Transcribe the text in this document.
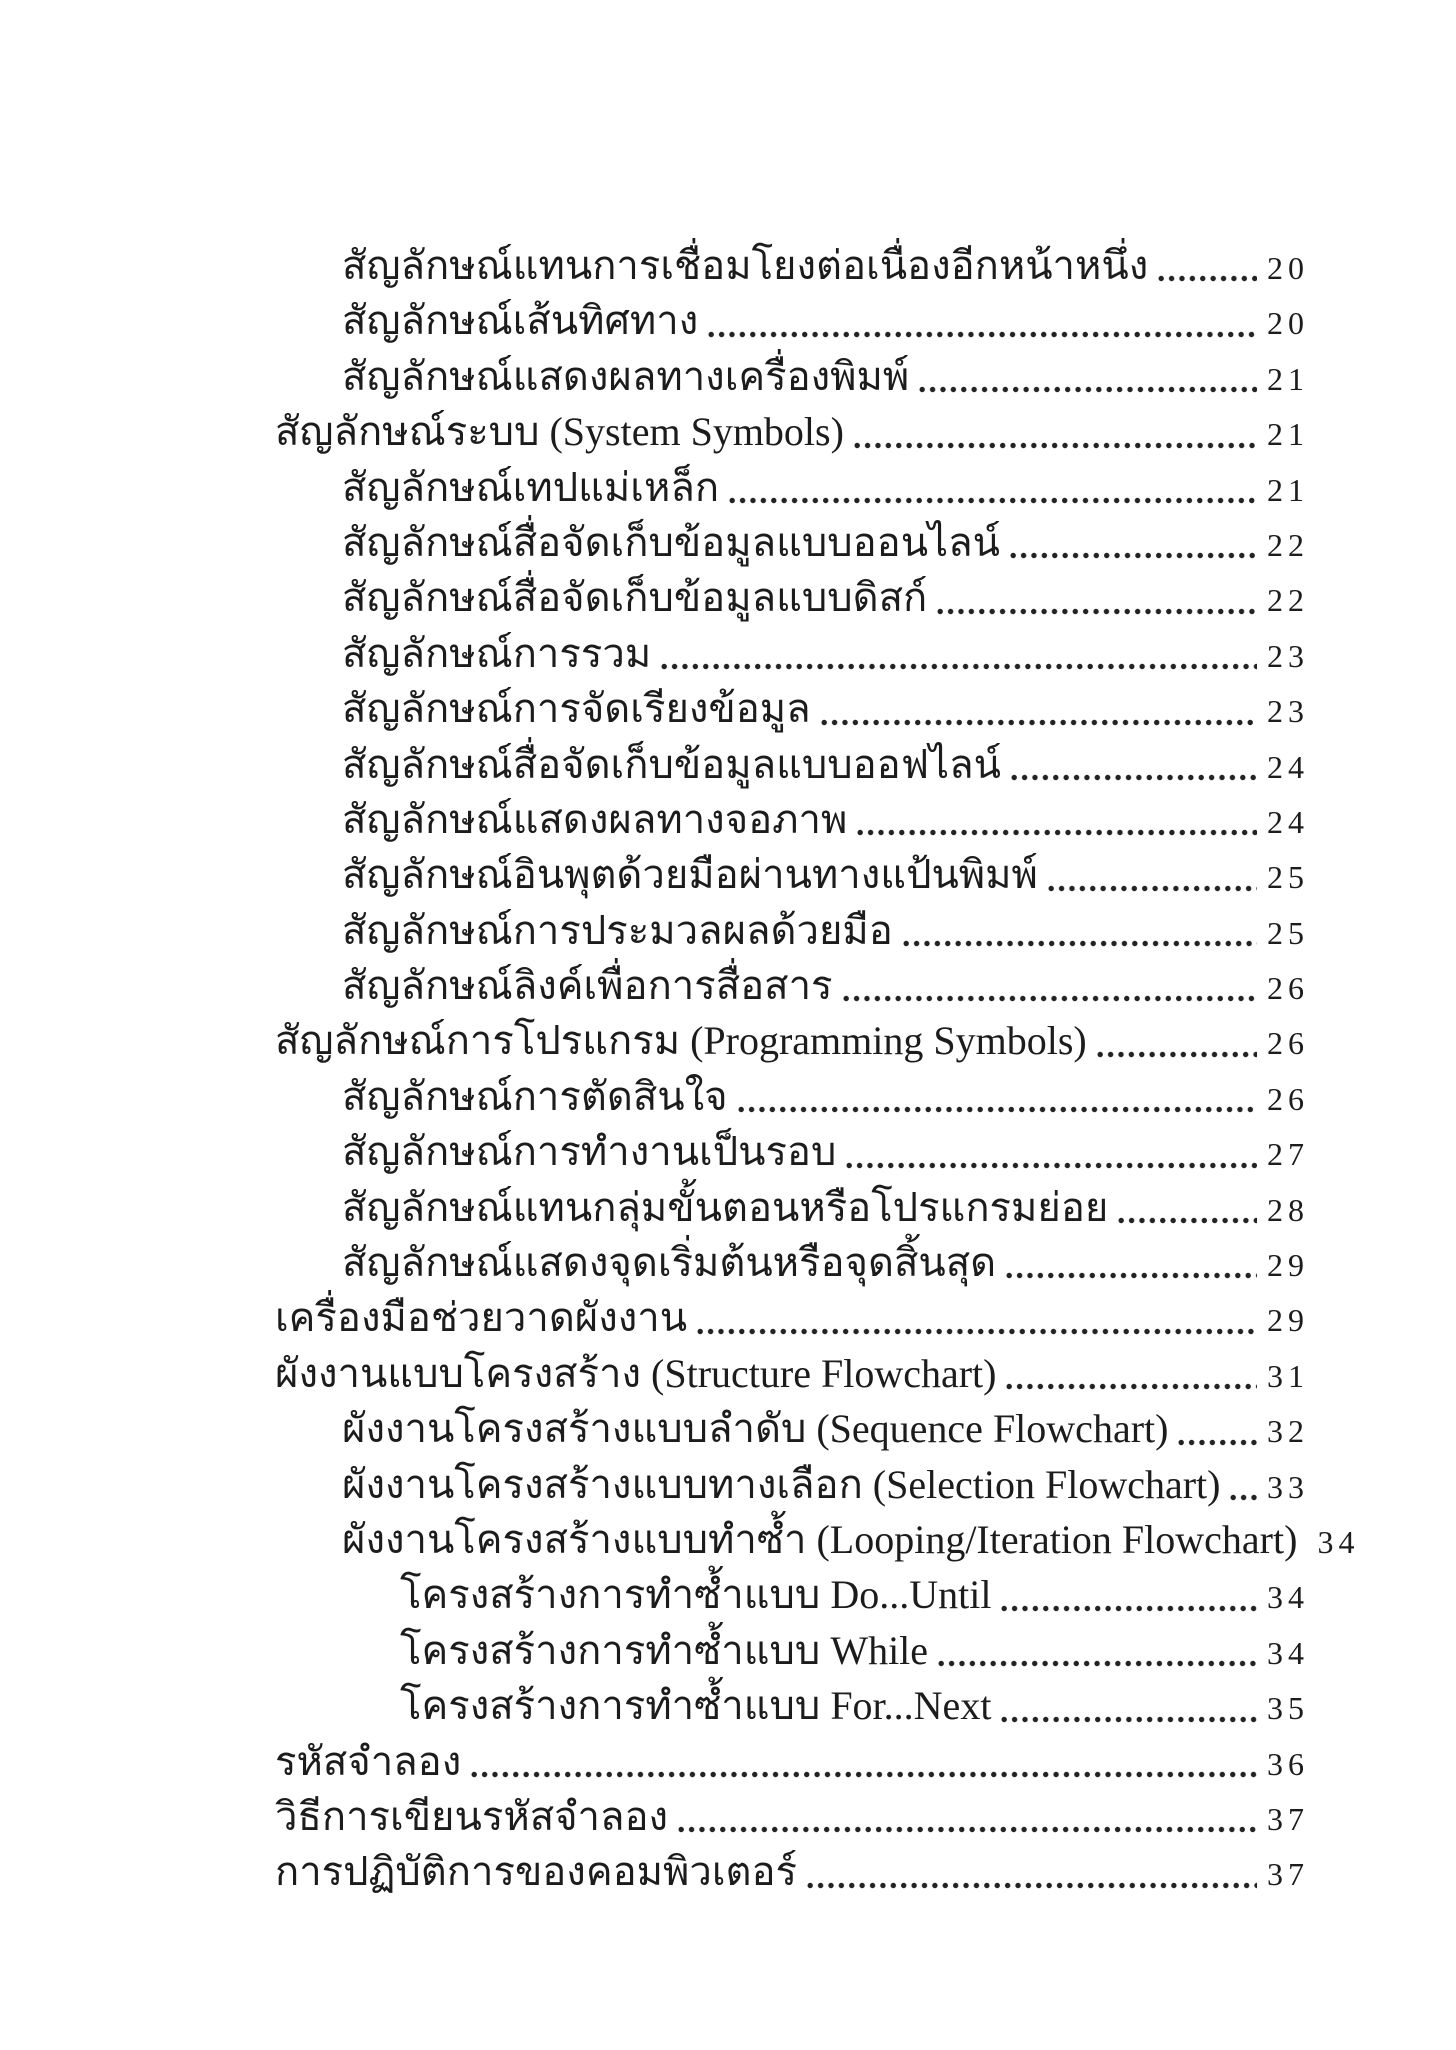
สัญลักษณ์แทนการเชื่อมโยงต่อเนื่องอีกหน้าหนึ่ง	20
สัญลักษณ์เส้นทิศทาง	20
สัญลักษณ์แสดงผลทางเครื่องพิมพ์	21
สัญลักษณ์ระบบ (System Symbols)	21
สัญลักษณ์เทปแม่เหล็ก	21
สัญลักษณ์สื่อจัดเก็บข้อมูลแบบออนไลน์	22
สัญลักษณ์สื่อจัดเก็บข้อมูลแบบดิสก์	22
สัญลักษณ์การรวม	23
สัญลักษณ์การจัดเรียงข้อมูล	23
สัญลักษณ์สื่อจัดเก็บข้อมูลแบบออฟไลน์	24
สัญลักษณ์แสดงผลทางจอภาพ	24
สัญลักษณ์อินพุตด้วยมือผ่านทางแป้นพิมพ์	25
สัญลักษณ์การประมวลผลด้วยมือ	25
สัญลักษณ์ลิงค์เพื่อการสื่อสาร	26
สัญลักษณ์การโปรแกรม (Programming Symbols)	26
สัญลักษณ์การตัดสินใจ	26
สัญลักษณ์การทำงานเป็นรอบ	27
สัญลักษณ์แทนกลุ่มขั้นตอนหรือโปรแกรมย่อย	28
สัญลักษณ์แสดงจุดเริ่มต้นหรือจุดสิ้นสุด	29
เครื่องมือช่วยวาดผังงาน	29
ผังงานแบบโครงสร้าง (Structure Flowchart)	31
ผังงานโครงสร้างแบบลำดับ (Sequence Flowchart)	32
ผังงานโครงสร้างแบบทางเลือก (Selection Flowchart) 33
ผังงานโครงสร้างแบบทำซ้ำ (Looping/Iteration Flowchart) 34
โครงสร้างการทำซ้ำแบบ Do...Until	34
โครงสร้างการทำซ้ำแบบ While	34
โครงสร้างการทำซ้ำแบบ For...Next	35
รหัสจำลอง	36
วิธีการเขียนรหัสจำลอง	37
การปฏิบัติการของคอมพิวเตอร์	37
